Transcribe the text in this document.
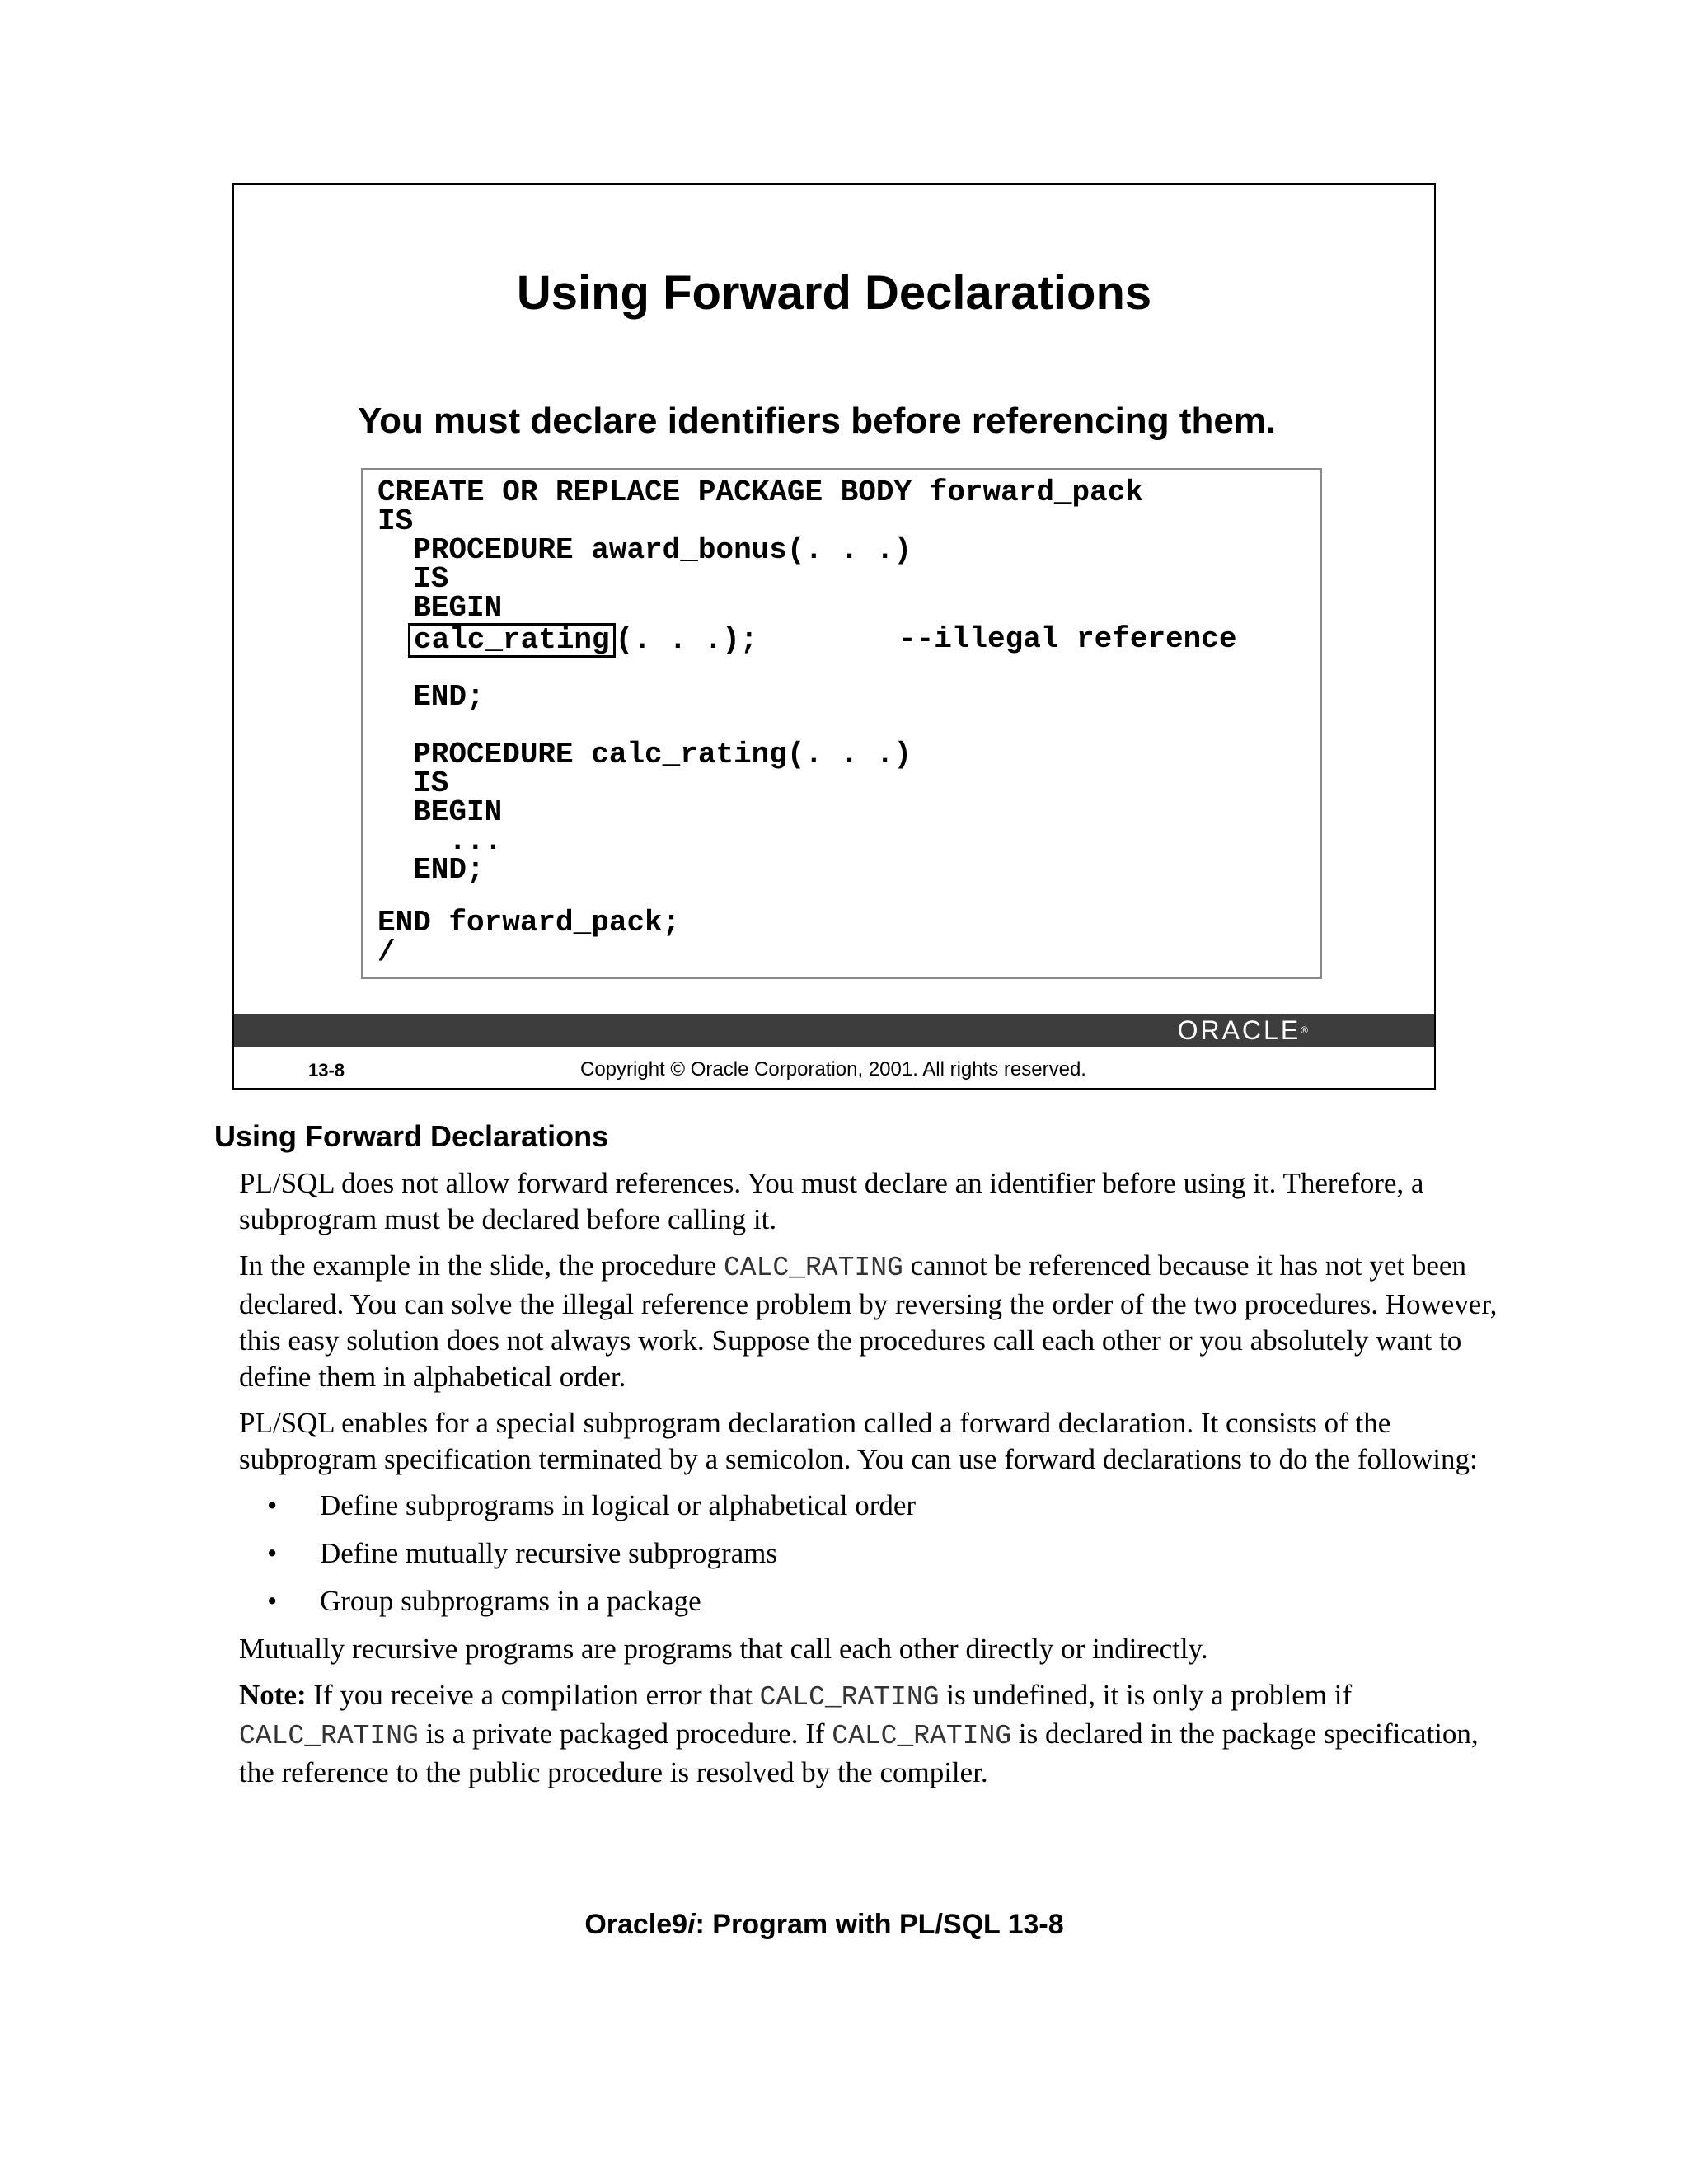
Using Forward Declarations
You must declare identifiers before referencing them.
CREATE OR REPLACE PACKAGE BODY forward_pack
IS
PROCEDURE award_bonus(. . .)
IS
BEGIN
calc_rating (. . .);	--illegal reference
END;
PROCEDURE calc_rating(. . .)
IS
BEGIN
...
END;
END forward_pack;
/
ORACLE®
13-8	Copyright © Oracle Corporation, 2001. All rights reserved.
Using Forward Declarations

PL/SQL does not allow forward references. You must declare an identifier before using it. Therefore, a subprogram must be declared before calling it.

In the example in the slide, the procedure CALC_RATING cannot be referenced because it has not yet been declared. You can solve the illegal reference problem by reversing the order of the two procedures. However, this easy solution does not always work. Suppose the procedures call each other or you absolutely want to define them in alphabetical order.

PL/SQL enables for a special subprogram declaration called a forward declaration. It consists of the subprogram specification terminated by a semicolon. You can use forward declarations to do the following:

• Define subprograms in logical or alphabetical order
• Define mutually recursive subprograms
• Group subprograms in a package

Mutually recursive programs are programs that call each other directly or indirectly.

Note: If you receive a compilation error that CALC_RATING is undefined, it is only a problem if CALC_RATING is a private packaged procedure. If CALC_RATING is declared in the package specification, the reference to the public procedure is resolved by the compiler.

Oracle9i: Program with PL/SQL 13-8
